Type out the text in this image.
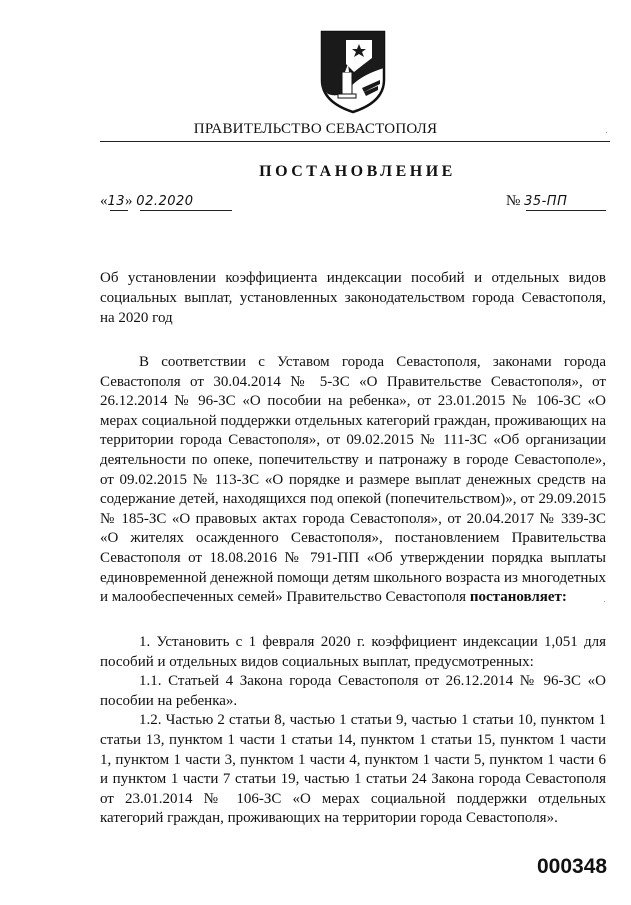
ПРАВИТЕЛЬСТВО СЕВАСТОПОЛЯ
ПОСТАНОВЛЕНИЕ
«13» 02.2020	№ 35-ПП
Об установлении коэффициента индексации пособий и отдельных видов социальных выплат, установленных законодательством города Севастополя, на 2020 год

В соответствии с Уставом города Севастополя, законами города Севастополя от 30.04.2014 № 5-ЗС «О Правительстве Севастополя», от 26.12.2014 № 96-ЗС «О пособии на ребенка», от 23.01.2015 № 106-ЗС «О мерах социальной поддержки отдельных категорий граждан, проживающих на территории города Севастополя», от 09.02.2015 № 111-ЗС «Об организации деятельности по опеке, попечительству и патронажу в городе Севастополе», от 09.02.2015 № 113-ЗС «О порядке и размере выплат денежных средств на содержание детей, находящихся под опекой (попечительством)», от 29.09.2015 № 185-ЗС «О правовых актах города Севастополя», от 20.04.2017 № 339-ЗС «О жителях осажденного Севастополя», постановлением Правительства Севастополя от 18.08.2016 № 791-ПП «Об утверждении порядка выплаты единовременной денежной помощи детям школьного возраста из многодетных и малообеспеченных семей» Правительство Севастополя постановляет:

1. Установить с 1 февраля 2020 г. коэффициент индексации 1,051 для пособий и отдельных видов социальных выплат, предусмотренных:

1.1. Статьей 4 Закона города Севастополя от 26.12.2014 № 96-ЗС «О пособии на ребенка».

1.2. Частью 2 статьи 8, частью 1 статьи 9, частью 1 статьи 10, пунктом 1 статьи 13, пунктом 1 части 1 статьи 14, пунктом 1 статьи 15, пунктом 1 части 1, пунктом 1 части 3, пунктом 1 части 4, пунктом 1 части 5, пунктом 1 части 6 и пунктом 1 части 7 статьи 19, частью 1 статьи 24 Закона города Севастополя от 23.01.2014 № 106-ЗС «О мерах социальной поддержки отдельных категорий граждан, проживающих на территории города Севастополя».

000348
